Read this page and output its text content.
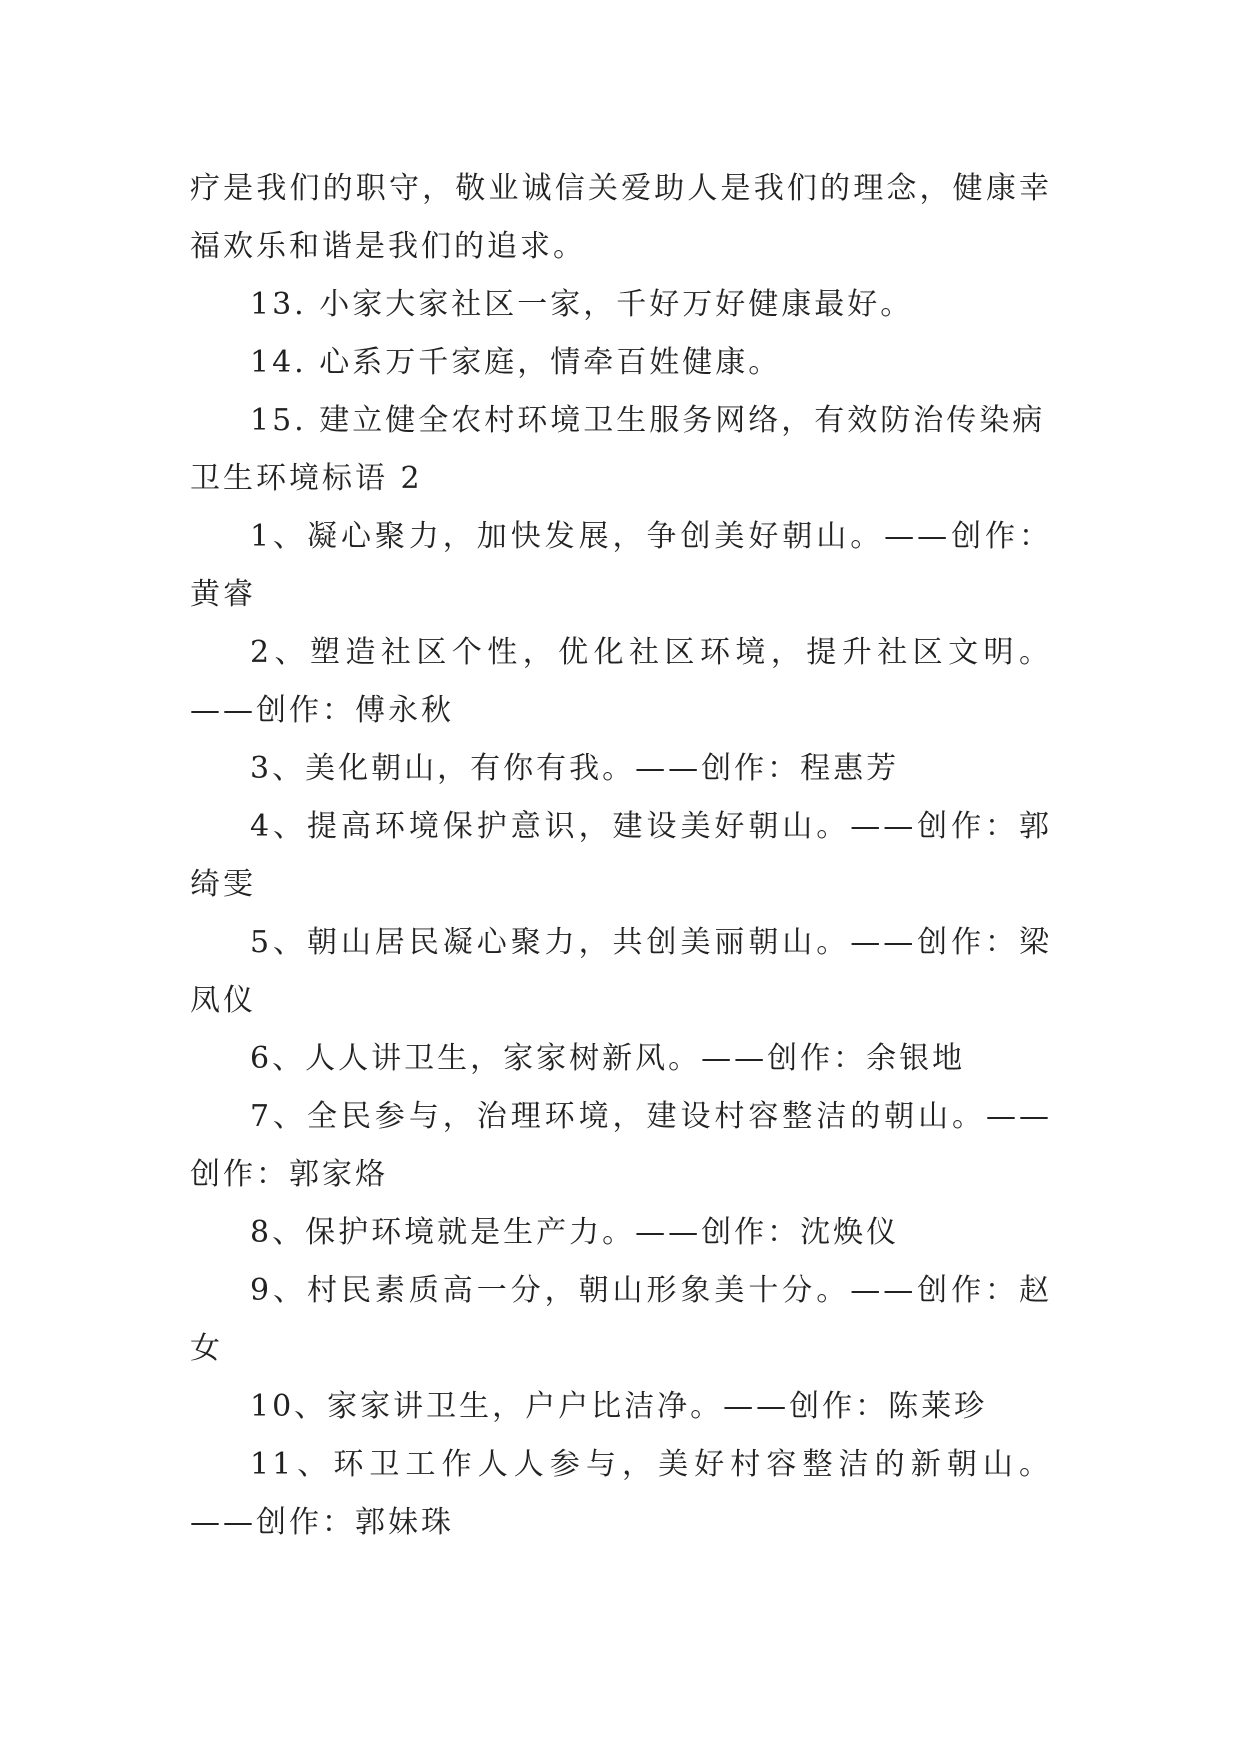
疗是我们的职守，敬业诚信关爱助人是我们的理念，健康幸福欢乐和谐是我们的追求。

13. 小家大家社区一家，千好万好健康最好。

14. 心系万千家庭，情牵百姓健康。

15. 建立健全农村环境卫生服务网络，有效防治传染病

卫生环境标语 2

1、凝心聚力，加快发展，争创美好朝山。——创作：黄睿

2、塑造社区个性，优化社区环境，提升社区文明。——创作：傅永秋

3、美化朝山，有你有我。——创作：程惠芳

4、提高环境保护意识，建设美好朝山。——创作：郭绮雯

5、朝山居民凝心聚力，共创美丽朝山。——创作：梁凤仪

6、人人讲卫生，家家树新风。——创作：余银地

7、全民参与，治理环境，建设村容整洁的朝山。——创作：郭家烙

8、保护环境就是生产力。——创作：沈焕仪

9、村民素质高一分，朝山形象美十分。——创作：赵女

10、家家讲卫生，户户比洁净。——创作：陈莱珍

11、环卫工作人人参与，美好村容整洁的新朝山。——创作：郭妹珠
